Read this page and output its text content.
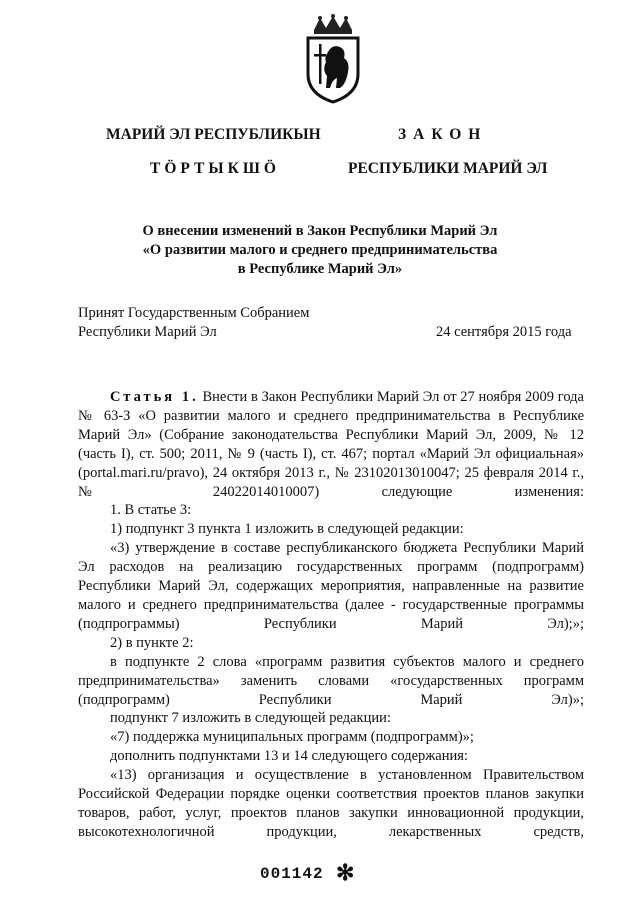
МАРИЙ ЭЛ РЕСПУБЛИКЫН
ТӦРТЫКШӦ
ЗАКОН
РЕСПУБЛИКИ МАРИЙ ЭЛ
О внесении изменений в Закон Республики Марий Эл
«О развитии малого и среднего предпринимательства
в Республике Марий Эл»
Принят Государственным Собранием
Республики Марий Эл	24 сентября 2015 года

Статья 1. Внести в Закон Республики Марий Эл от 27 ноября 2009 года № 63-З «О развитии малого и среднего предпринимательства в Республике Марий Эл» (Собрание законодательства Республики Марий Эл, 2009, № 12 (часть I), ст. 500; 2011, № 9 (часть I), ст. 467; портал «Марий Эл официальная» (portal.mari.ru/pravo), 24 октября 2013 г., № 23102013010047; 25 февраля 2014 г., № 24022014010007) следующие изменения:

1. В статье 3:

1) подпункт 3 пункта 1 изложить в следующей редакции:

«3) утверждение в составе республиканского бюджета Республики Марий Эл расходов на реализацию государственных программ (подпрограмм) Республики Марий Эл, содержащих мероприятия, направленные на развитие малого и среднего предпринимательства (далее - государственные программы (подпрограммы) Республики Марий Эл);»;

2) в пункте 2:

в подпункте 2 слова «программ развития субъектов малого и среднего предпринимательства» заменить словами «государственных программ (подпрограмм) Республики Марий Эл)»;

подпункт 7 изложить в следующей редакции:

«7) поддержка муниципальных программ (подпрограмм)»;

дополнить подпунктами 13 и 14 следующего содержания:

«13) организация и осуществление в установленном Правительством Российской Федерации порядке оценки соответствия проектов планов закупки товаров, работ, услуг, проектов планов закупки инновационной продукции, высокотехнологичной продукции, лекарственных средств,

001142 ✻
